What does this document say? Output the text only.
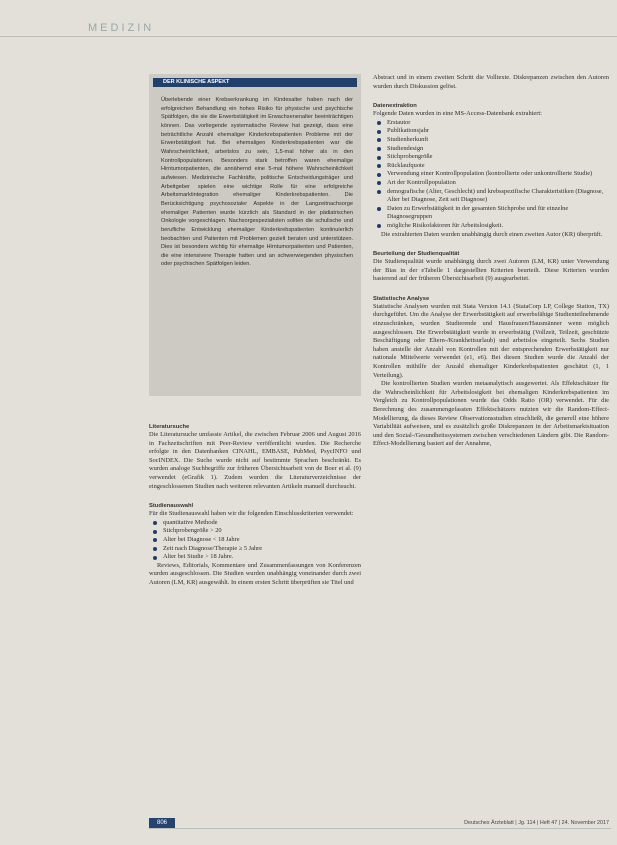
MEDIZIN
DER KLINISCHE ASPEKT
Überlebende einer Krebserkrankung im Kindesalter haben nach der erfolgreichen Behandlung ein hohes Risiko für physische und psychische Spätfolgen, die sie die Erwerbstätigkeit im Erwachsenenalter beeinträchtigen können. Das vorliegende systematische Review hat gezeigt, dass eine beträchtliche Anzahl ehemaliger Kinderkrebspatienten Probleme mit der Erwerbstätigkeit hat. Bei ehemaligen Kinderkrebspatienten war die Wahrscheinlichkeit, arbeitslos zu sein, 1,5-mal höher als in den Kontrollpopulationen. Besonders stark betroffen waren ehemalige Hirntumorpatienten, die annähernd eine 5-mal höhere Wahrscheinlichkeit aufwiesen. Medizinische Fachkräfte, politische Entscheidungsträger und Arbeitgeber spielen eine wichtige Rolle für eine erfolgreiche Arbeitsmarktintegration ehemaliger Kinderkrebspatienten. Die Berücksichtigung psychosozialer Aspekte in der Langzeitnachsorge ehemaliger Patienten wurde kürzlich als Standard in der pädiatrischen Onkologie vorgeschlagen. Nachsorgespezialisten sollten die schulische und berufliche Entwicklung ehemaliger Kinderkrebspatienten kontinuierlich beobachten und Patienten mit Problemen gezielt beraten und unterstützen. Dies ist besonders wichtig für ehemalige Hirntumorpatienten und Patienten, die eine intensivere Therapie hatten und an schwerwiegenden physischen oder psychischen Spätfolgen leiden.

Literatursuche

Die Literatursuche umfasste Artikel, die zwischen Februar 2006 und August 2016 in Fachzeitschriften mit Peer-Review veröffentlicht wurden. Die Recherche erfolgte in den Datenbanken CINAHL, EMBASE, PubMed, PsycINFO und SocINDEX. Die Suche wurde nicht auf bestimmte Sprachen beschränkt. Es wurden analoge Suchbegriffe zur früheren Übersichtsarbeit von de Boer et al. (9) verwendet (eGrafik 1). Zudem wurden die Literaturverzeichnisse der eingeschlossenen Studien nach weiteren relevanten Artikeln manuell durchsucht.

Studienauswahl

Für die Studienauswahl haben wir die folgenden Einschlusskriterien verwendet:

quantitative Methode
Stichprobengröße > 20
Alter bei Diagnose < 18 Jahre
Zeit nach Diagnose/Therapie ≥ 5 Jahre
Alter bei Studie > 18 Jahre.

Reviews, Editorials, Kommentare und Zusammenfassungen von Konferenzen wurden ausgeschlossen. Die Studien wurden unabhängig voneinander durch zwei Autoren (LM, KR) ausgewählt. In einem ersten Schritt überprüften sie Titel und

Abstract und in einem zweiten Schritt die Volltexte. Diskrepanzen zwischen den Autoren wurden durch Diskussion gelöst.

Datenextraktion

Folgende Daten wurden in eine MS-Access-Datenbank extrahiert:

Erstautor
Publikationsjahr
Studienherkunft
Studiendesign
Stichprobengröße
Rücklaufquote
Verwendung einer Kontrollpopulation (kontrollierte oder unkontrollierte Studie)
Art der Kontrollpopulation
demografische (Alter, Geschlecht) und krebsspezifische Charakteristiken (Diagnose, Alter bei Diagnose, Zeit seit Diagnose)
Daten zu Erwerbstätigkeit in der gesamten Stichprobe und für einzelne Diagnosegruppen
mögliche Risikofaktoren für Arbeitslosigkeit.

Die extrahierten Daten wurden unabhängig durch einen zweiten Autor (KR) überprüft.

Beurteilung der Studienqualität

Die Studienqualität wurde unabhängig durch zwei Autoren (LM, KR) unter Verwendung der Bias in der eTabelle 1 dargestellten Kriterien beurteilt. Diese Kriterien wurden basierend auf der früheren Übersichtsarbeit (9) ausgearbeitet.

Statistische Analyse

Statistische Analysen wurden mit Stata Version 14.1 (StataCorp LP, College Station, TX) durchgeführt. Um die Analyse der Erwerbstätigkeit auf erwerbsfähige Studienteilnehmende einzuschränken, wurden Studierende und Hausfrauen/Hausmänner wenn möglich ausgeschlossen. Die Erwerbstätigkeit wurde in erwerbstätig (Vollzeit, Teilzeit, geschützte Beschäftigung oder Eltern-/Krankheitsurlaub) und arbeitslos eingeteilt. Sechs Studien haben anstelle der Anzahl von Kontrollen mit der entsprechenden Erwerbstätigkeit nur nationale Mittelwerte verwendet (e1, e6). Bei diesen Studien wurde die Anzahl der Kontrollen mithilfe der Anzahl ehemaliger Kinderkrebspatienten geschätzt (1, 1 Verteilung).

Die kontrollierten Studien wurden metaanalytisch ausgewertet. Als Effektschätzer für die Wahrscheinlichkeit für Arbeitslosigkeit bei ehemaligen Kinderkrebspatienten im Vergleich zu Kontrollpopulationen wurde das Odds Ratio (OR) verwendet. Für die Berechnung des zusammengefassten Effektschätzers nutzten wir die Random-Effect-Modellierung, da dieses Review Observationsstudien einschließt, die generell eine höhere Variabilität aufweisen, und es zusätzlich große Diskrepanzen in der Arbeitsmarktsituation und den Sozial-/Gesundheitssystemen zwischen verschiedenen Ländern gibt. Die Random-Effect-Modellierung basiert auf der Annahme,

806	Deutsches Ärzteblatt | Jg. 114 | Heft 47 | 24. November 2017
